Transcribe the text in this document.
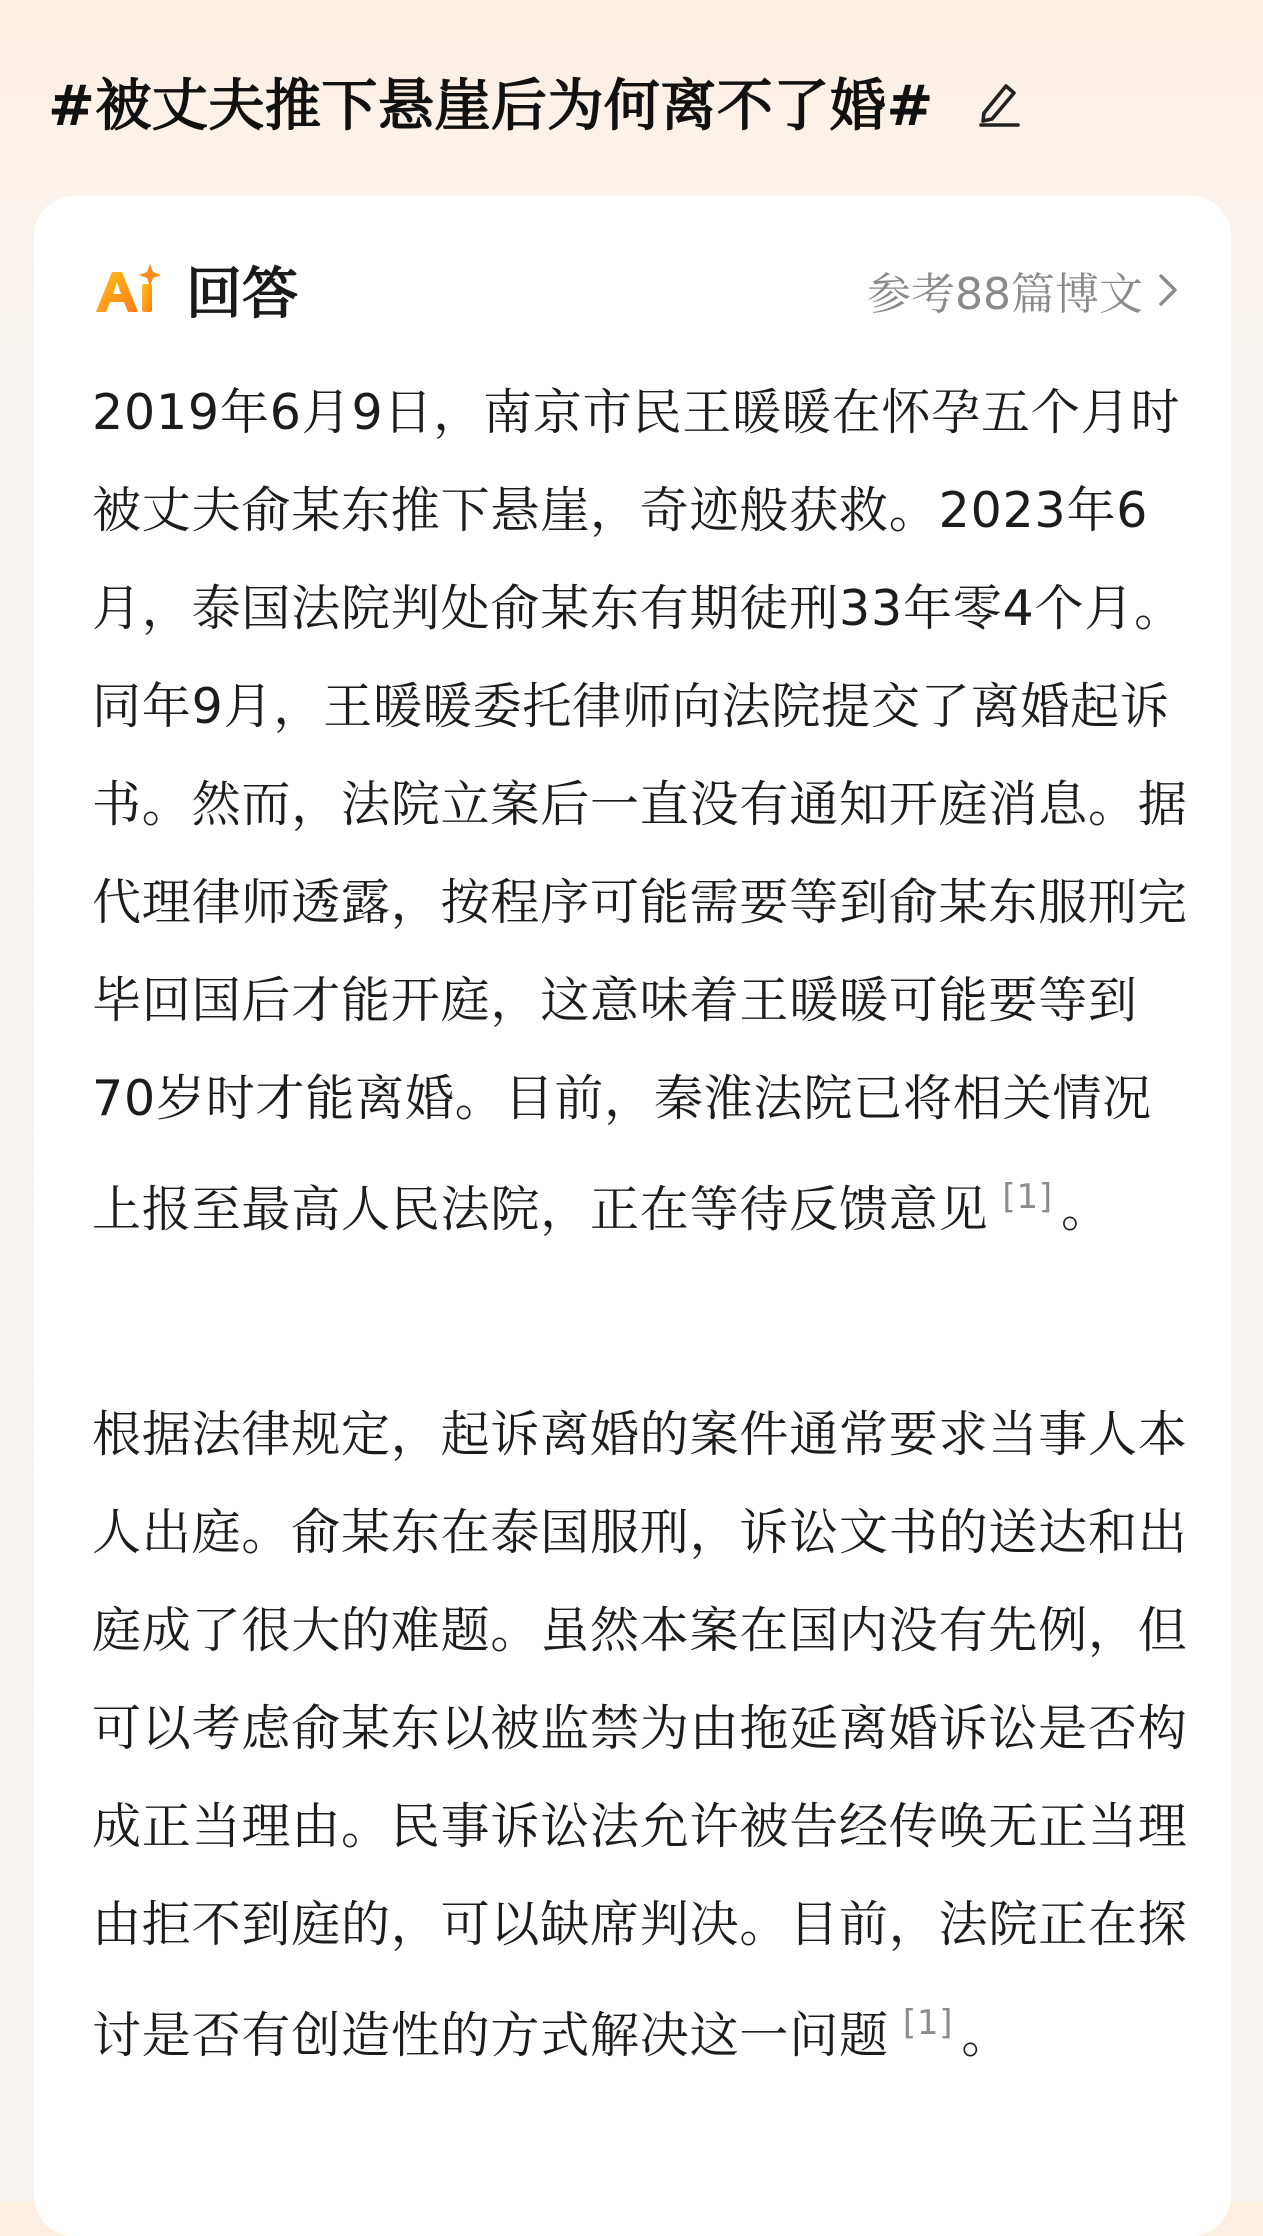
#被丈夫推下悬崖后为何离不了婚#
回答	参考88篇博文
2019年6月9日，南京市民王暖暖在怀孕五个月时被丈夫俞某东推下悬崖，奇迹般获救。2023年6月，泰国法院判处俞某东有期徒刑33年零4个月。同年9月，王暖暖委托律师向法院提交了离婚起诉书。然而，法院立案后一直没有通知开庭消息。据代理律师透露，按程序可能需要等到俞某东服刑完毕回国后才能开庭，这意味着王暖暖可能要等到70岁时才能离婚。目前，秦淮法院已将相关情况上报至最高人民法院，正在等待反馈意见 [1] 。
根据法律规定，起诉离婚的案件通常要求当事人本人出庭。俞某东在泰国服刑，诉讼文书的送达和出庭成了很大的难题。虽然本案在国内没有先例，但可以考虑俞某东以被监禁为由拖延离婚诉讼是否构成正当理由。民事诉讼法允许被告经传唤无正当理由拒不到庭的，可以缺席判决。目前，法院正在探讨是否有创造性的方式解决这一问题 [1] 。
